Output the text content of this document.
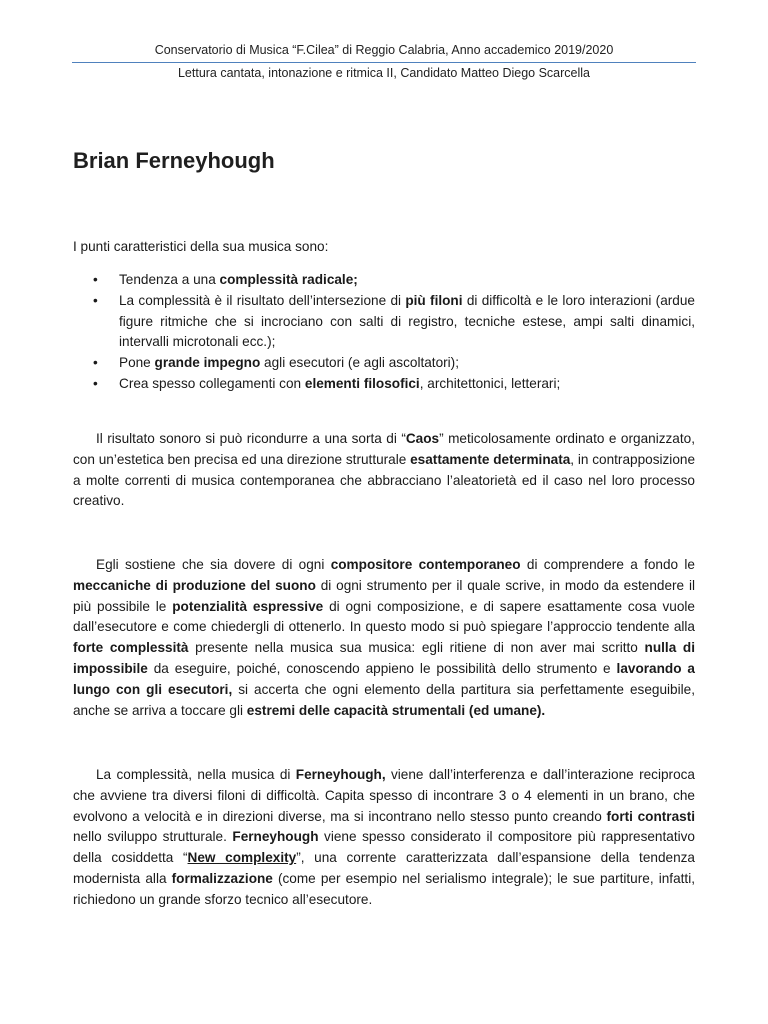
Conservatorio di Musica “F.Cilea” di Reggio Calabria, Anno accademico 2019/2020
Lettura cantata, intonazione e ritmica II, Candidato Matteo Diego Scarcella
Brian Ferneyhough

I punti caratteristici della sua musica sono:

• Tendenza a una complessità radicale;
• La complessità è il risultato dell’intersezione di più filoni di difficoltà e le loro interazioni (ardue figure ritmiche che si incrociano con salti di registro, tecniche estese, ampi salti dinamici, intervalli microtonali ecc.);
• Pone grande impegno agli esecutori (e agli ascoltatori);
• Crea spesso collegamenti con elementi filosofici, architettonici, letterari;

Il risultato sonoro si può ricondurre a una sorta di “Caos” meticolosamente ordinato e organizzato, con un’estetica ben precisa ed una direzione strutturale esattamente determinata, in contrapposizione a molte correnti di musica contemporanea che abbracciano l’aleatorietà ed il caso nel loro processo creativo.

Egli sostiene che sia dovere di ogni compositore contemporaneo di comprendere a fondo le meccaniche di produzione del suono di ogni strumento per il quale scrive, in modo da estendere il più possibile le potenzialità espressive di ogni composizione, e di sapere esattamente cosa vuole dall’esecutore e come chiedergli di ottenerlo. In questo modo si può spiegare l’approccio tendente alla forte complessità presente nella musica sua musica: egli ritiene di non aver mai scritto nulla di impossibile da eseguire, poiché, conoscendo appieno le possibilità dello strumento e lavorando a lungo con gli esecutori, si accerta che ogni elemento della partitura sia perfettamente eseguibile, anche se arriva a toccare gli estremi delle capacità strumentali (ed umane).

La complessità, nella musica di Ferneyhough, viene dall’interferenza e dall’interazione reciproca che avviene tra diversi filoni di difficoltà. Capita spesso di incontrare 3 o 4 elementi in un brano, che evolvono a velocità e in direzioni diverse, ma si incontrano nello stesso punto creando forti contrasti nello sviluppo strutturale. Ferneyhough viene spesso considerato il compositore più rappresentativo della cosiddetta “New complexity”, una corrente caratterizzata dall’espansione della tendenza modernista alla formalizzazione (come per esempio nel serialismo integrale); le sue partiture, infatti, richiedono un grande sforzo tecnico all’esecutore.
